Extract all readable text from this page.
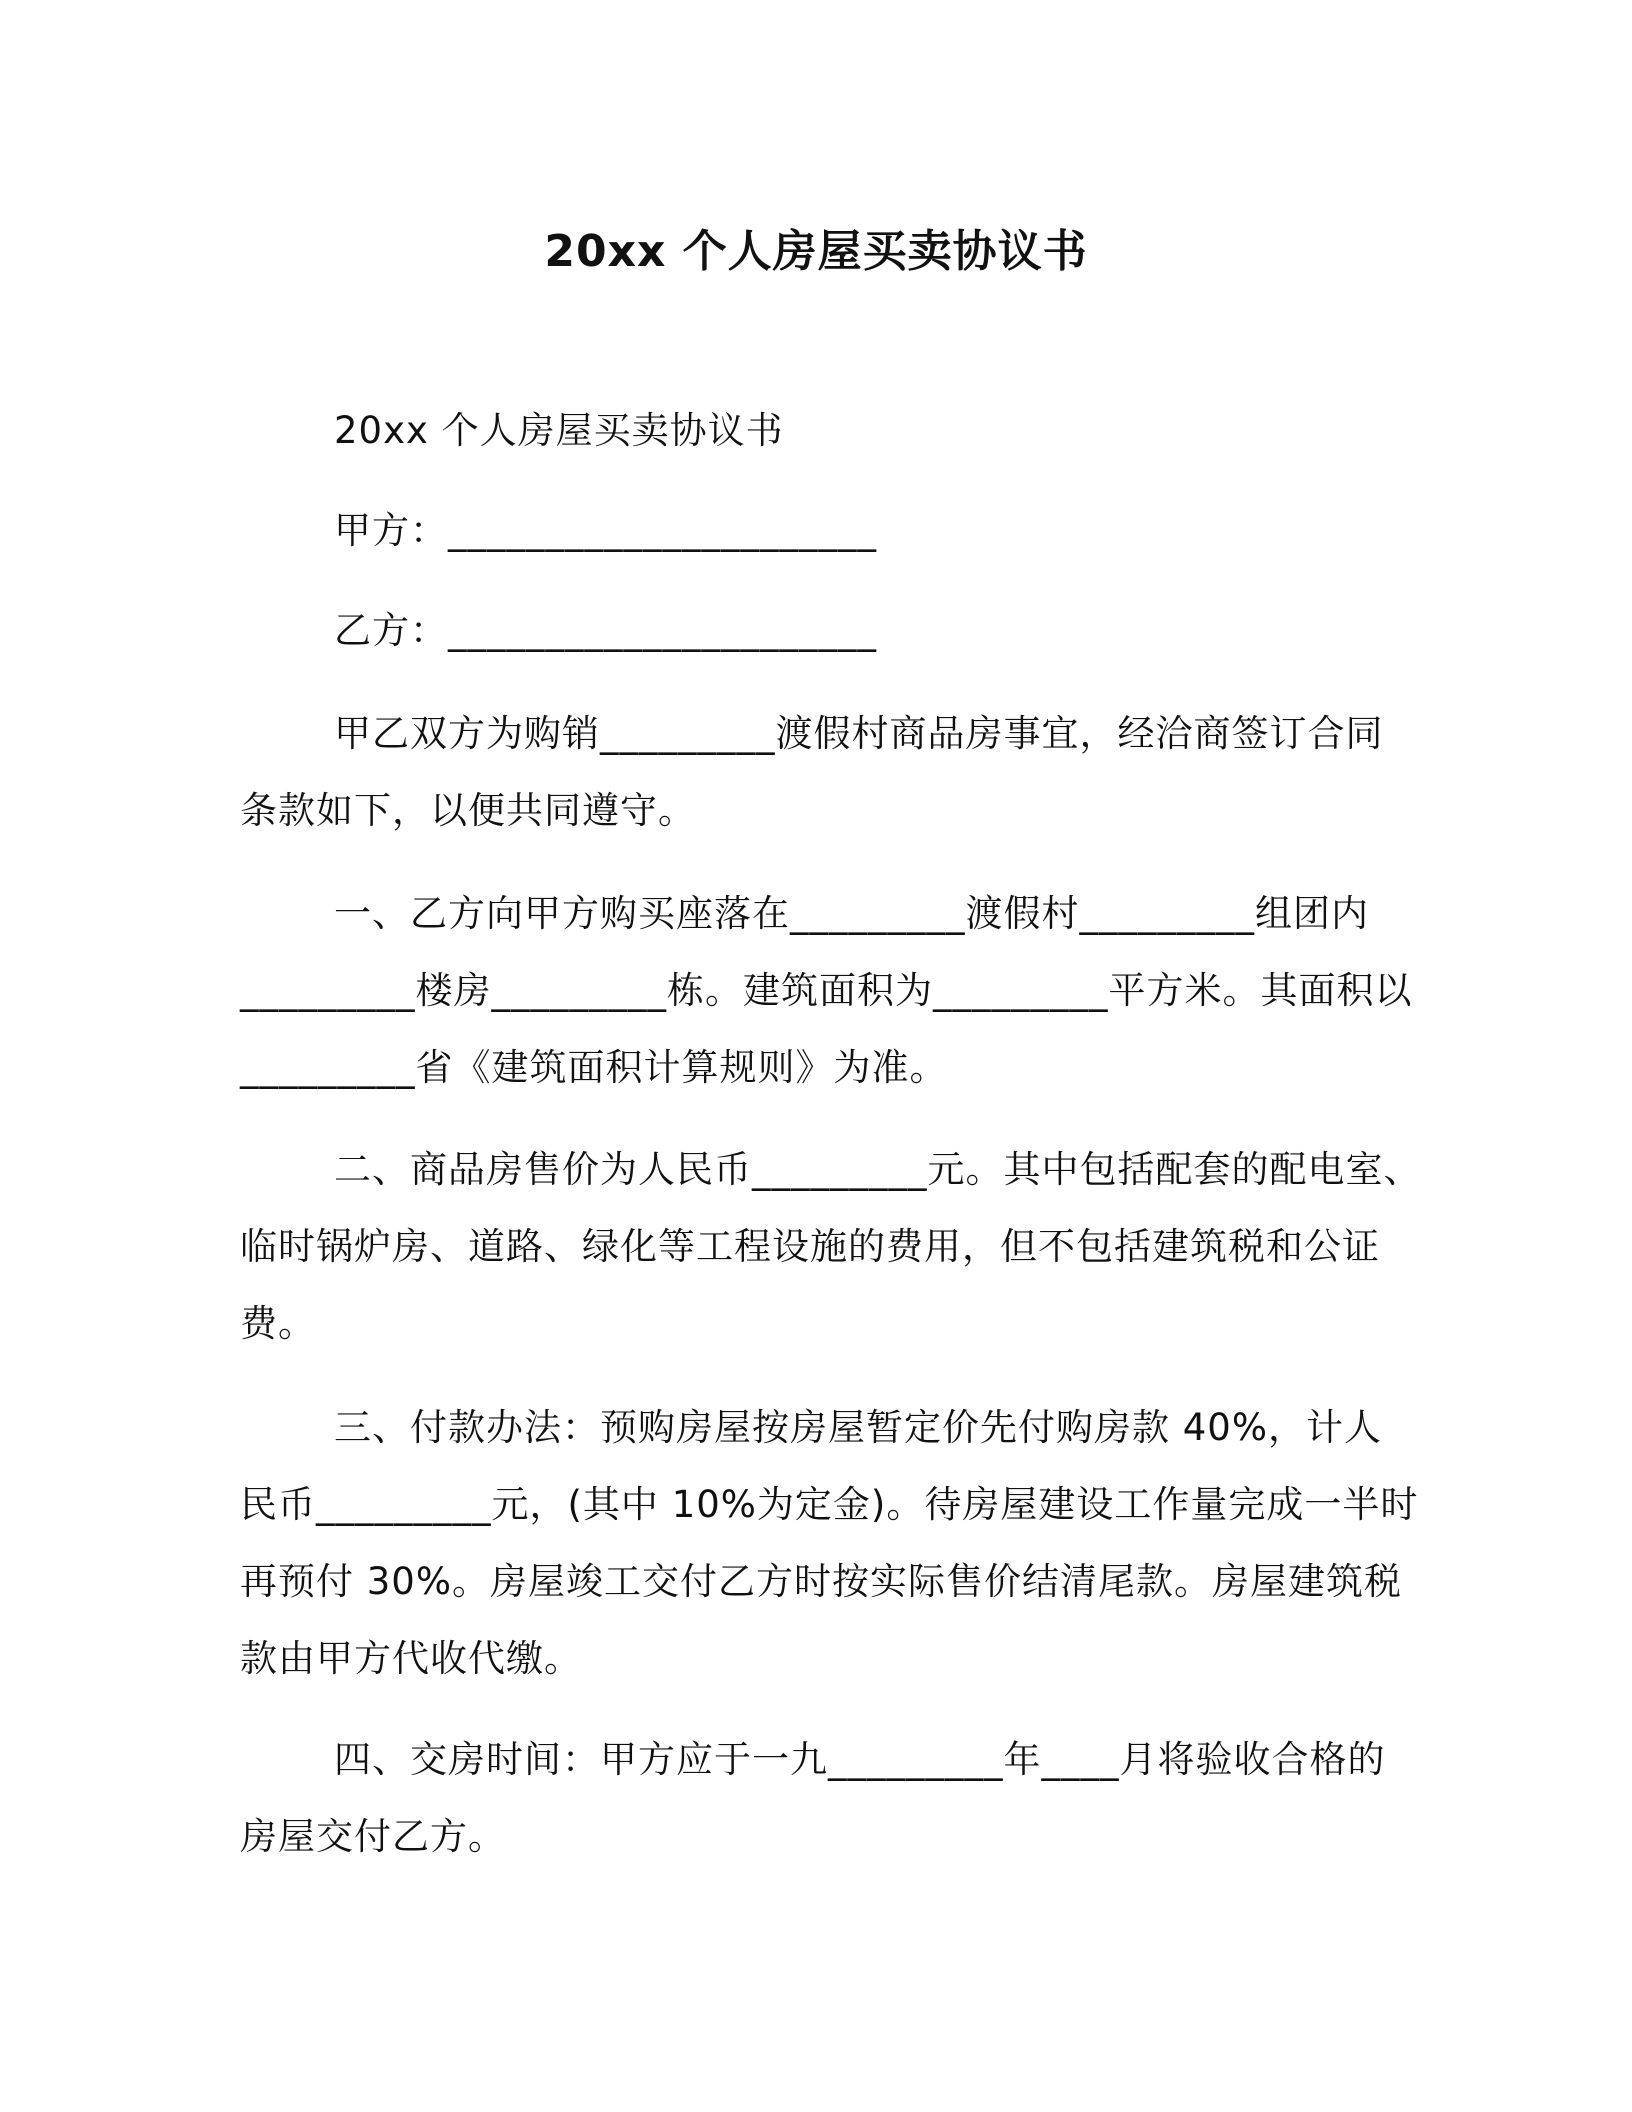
20xx 个人房屋买卖协议书
20xx 个人房屋买卖协议书
甲方：______________________
乙方：______________________
甲乙双方为购销_________渡假村商品房事宜，经洽商签订合同
条款如下，以便共同遵守。
一、乙方向甲方购买座落在_________渡假村_________组团内
_________楼房_________栋。建筑面积为_________平方米。其面积以
_________省《建筑面积计算规则》为准。
二、商品房售价为人民币_________元。其中包括配套的配电室、
临时锅炉房、道路、绿化等工程设施的费用，但不包括建筑税和公证
费。
三、付款办法：预购房屋按房屋暂定价先付购房款 40%，计人
民币_________元，(其中 10%为定金)。待房屋建设工作量完成一半时
再预付 30%。房屋竣工交付乙方时按实际售价结清尾款。房屋建筑税
款由甲方代收代缴。
四、交房时间：甲方应于一九_________年____月将验收合格的
房屋交付乙方。
